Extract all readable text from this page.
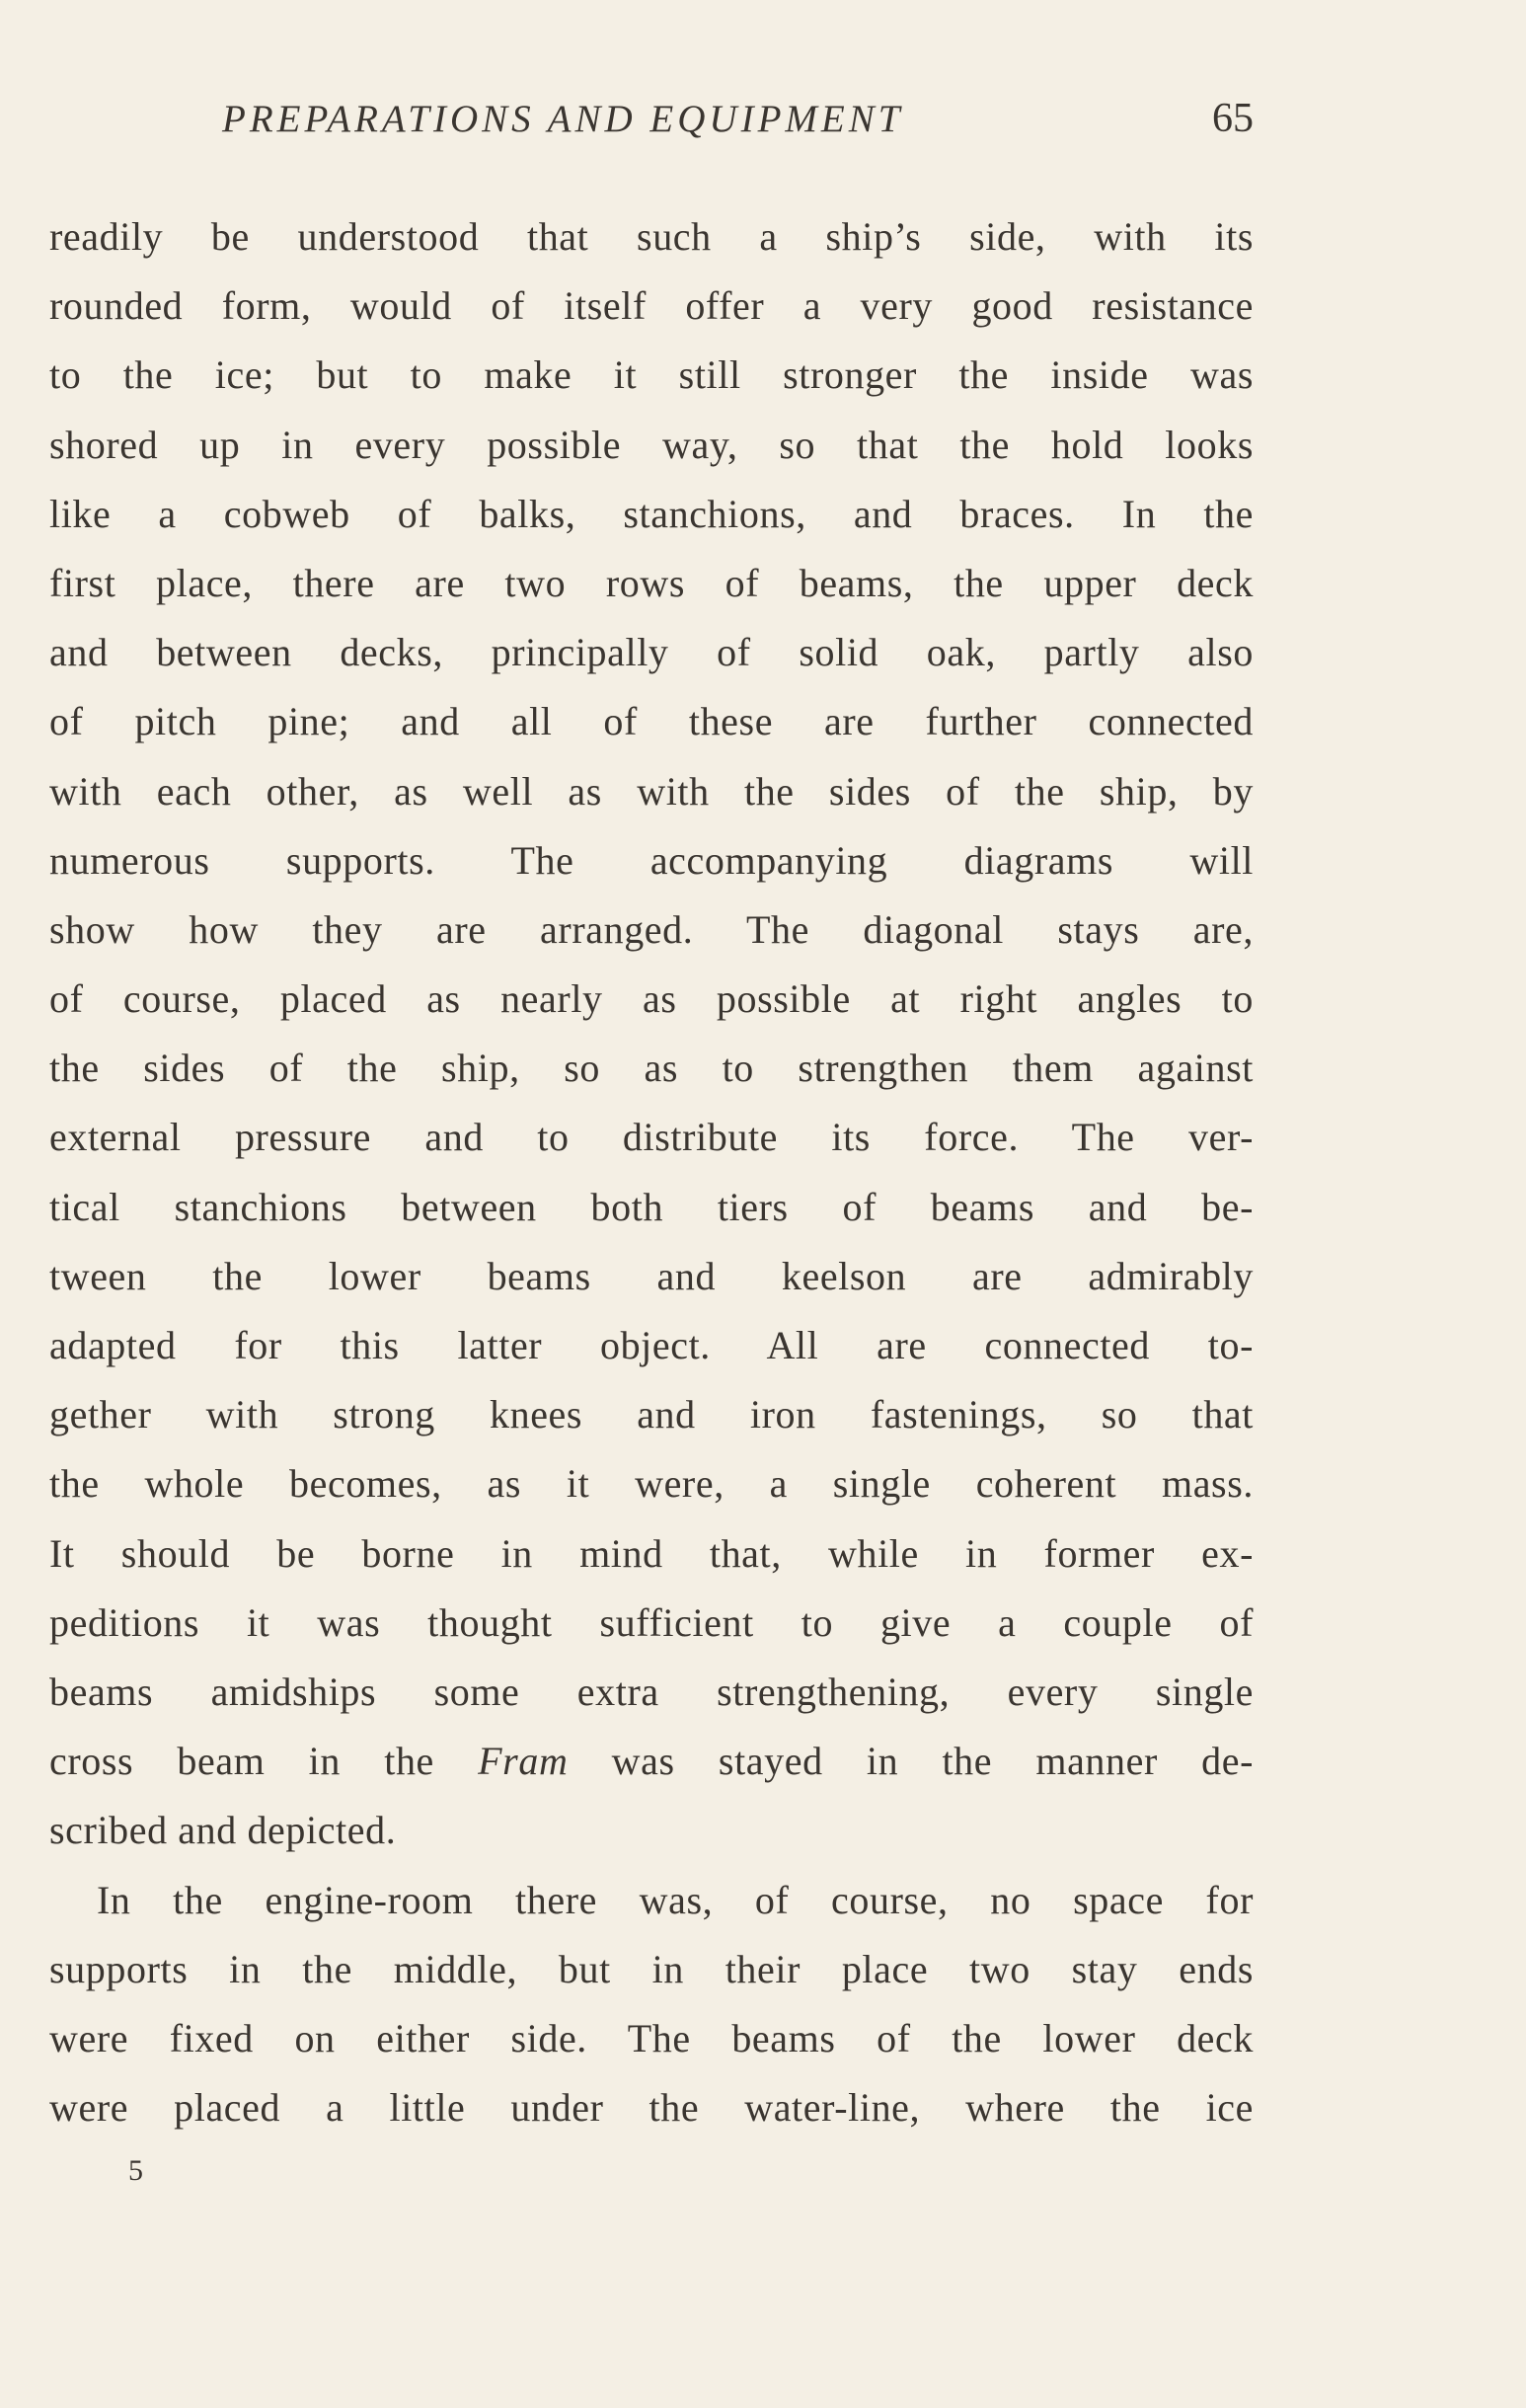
PREPARATIONS AND EQUIPMENT	65
readily be understood that such a ship’s side, with its
rounded form, would of itself offer a very good resistance
to the ice; but to make it still stronger the inside was
shored up in every possible way, so that the hold looks
like a cobweb of balks, stanchions, and braces. In the
first place, there are two rows of beams, the upper deck
and between decks, principally of solid oak, partly also
of pitch pine; and all of these are further connected
with each other, as well as with the sides of the ship, by
numerous supports. The accompanying diagrams will
show how they are arranged. The diagonal stays are,
of course, placed as nearly as possible at right angles to
the sides of the ship, so as to strengthen them against
external pressure and to distribute its force. The ver-
tical stanchions between both tiers of beams and be-
tween the lower beams and keelson are admirably
adapted for this latter object. All are connected to-
gether with strong knees and iron fastenings, so that
the whole becomes, as it were, a single coherent mass.
It should be borne in mind that, while in former ex-
peditions it was thought sufficient to give a couple of
beams amidships some extra strengthening, every single
cross beam in the Fram was stayed in the manner de-
scribed and depicted.
In the engine-room there was, of course, no space for
supports in the middle, but in their place two stay ends
were fixed on either side. The beams of the lower deck
were placed a little under the water-line, where the ice
5
